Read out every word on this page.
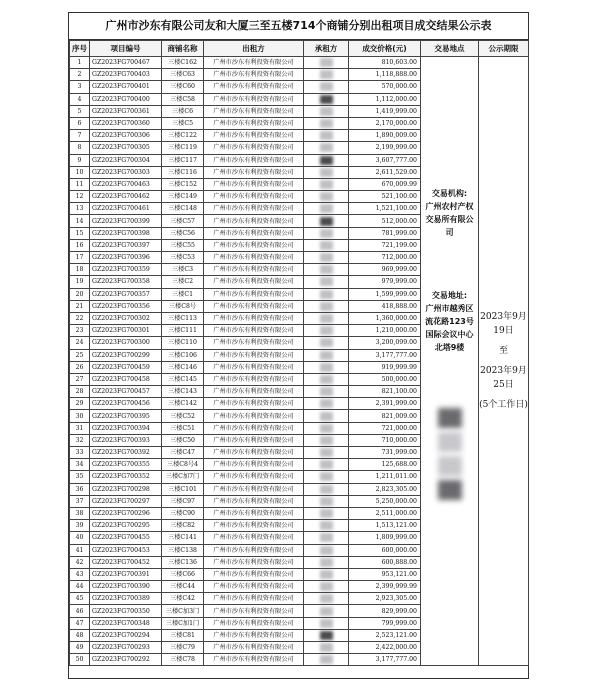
广州市沙东有限公司友和大厦三至五楼714个商铺分别出租项目成交结果公示表
序号	项目编号	商铺名称	出租方	承租方	成交价格(元)	交易地点	公示期限
1	GZ2023FG700467	三楼C162	广州市沙东有利投资有限公司		810,603.00	交易机构:
广州农村产权交易所有限公司
交易地址:
广州市越秀区流花路123号国际会议中心北塔9楼	2023年9月19日
至
2023年9月25日
(5个工作日)

2	GZ2023FG700403	三楼C63	广州市沙东有利投资有限公司		1,118,888.00		
3	GZ2023FG700401	三楼C60	广州市沙东有利投资有限公司		570,000.00		
4	GZ2023FG700400	三楼C58	广州市沙东有利投资有限公司		1,112,000.00		
5	GZ2023FG700361	三楼C6	广州市沙东有利投资有限公司		1,419,999.00		
6	GZ2023FG700360	三楼C5	广州市沙东有利投资有限公司		2,170,000.00		
7	GZ2023FG700306	三楼C122	广州市沙东有利投资有限公司		1,890,009.00		
8	GZ2023FG700305	三楼C119	广州市沙东有利投资有限公司		2,199,999.00		
9	GZ2023FG700304	三楼C117	广州市沙东有利投资有限公司		3,607,777.00		
10	GZ2023FG700303	三楼C116	广州市沙东有利投资有限公司		2,611,529.00		
11	GZ2023FG700463	三楼C152	广州市沙东有利投资有限公司		670,009.99		
12	GZ2023FG700462	三楼C149	广州市沙东有利投资有限公司		521,100.00		
13	GZ2023FG700461	三楼C148	广州市沙东有利投资有限公司		1,521,100.00		
14	GZ2023FG700399	三楼C57	广州市沙东有利投资有限公司		512,000.00		
15	GZ2023FG700398	三楼C56	广州市沙东有利投资有限公司		781,999.00		
16	GZ2023FG700397	三楼C55	广州市沙东有利投资有限公司		721,199.00		
17	GZ2023FG700396	三楼C53	广州市沙东有利投资有限公司		712,000.00		
18	GZ2023FG700359	三楼C3	广州市沙东有利投资有限公司		969,999.00		
19	GZ2023FG700358	三楼C2	广州市沙东有利投资有限公司		979,999.00		
20	GZ2023FG700357	三楼C1	广州市沙东有利投资有限公司		1,599,999.00		
21	GZ2023FG700356	三楼C8号	广州市沙东有利投资有限公司		418,888.00		
22	GZ2023FG700302	三楼C113	广州市沙东有利投资有限公司		1,360,000.00		
23	GZ2023FG700301	三楼C111	广州市沙东有利投资有限公司		1,210,000.00		
24	GZ2023FG700300	三楼C110	广州市沙东有利投资有限公司		3,200,099.00		
25	GZ2023FG700299	三楼C106	广州市沙东有利投资有限公司		3,177,777.00		
26	GZ2023FG700459	三楼C146	广州市沙东有利投资有限公司		919,999.99		
27	GZ2023FG700458	三楼C145	广州市沙东有利投资有限公司		500,000.00		
28	GZ2023FG700457	三楼C143	广州市沙东有利投资有限公司		821,100.00		
29	GZ2023FG700456	三楼C142	广州市沙东有利投资有限公司		2,391,999.00		
30	GZ2023FG700395	三楼C52	广州市沙东有利投资有限公司		821,009.00		
31	GZ2023FG700394	三楼C51	广州市沙东有利投资有限公司		721,000.00		
32	GZ2023FG700393	三楼C50	广州市沙东有利投资有限公司		710,000.00		
33	GZ2023FG700392	三楼C47	广州市沙东有利投资有限公司		731,999.00		
34	GZ2023FG700355	三楼C8号4	广州市沙东有利投资有限公司		125,688.00		
35	GZ2023FG700352	三楼C加7门	广州市沙东有利投资有限公司		1,211,011.00		
36	GZ2023FG700298	三楼C101	广州市沙东有利投资有限公司		2,823,305.00		
37	GZ2023FG700297	三楼C97	广州市沙东有利投资有限公司		5,250,000.00		
38	GZ2023FG700296	三楼C90	广州市沙东有利投资有限公司		2,511,000.00		
39	GZ2023FG700295	三楼C82	广州市沙东有利投资有限公司		1,513,121.00		
40	GZ2023FG700455	三楼C141	广州市沙东有利投资有限公司		1,809,999.00		
41	GZ2023FG700453	三楼C138	广州市沙东有利投资有限公司		600,000.00		
42	GZ2023FG700452	三楼C136	广州市沙东有利投资有限公司		600,888.00		
43	GZ2023FG700391	三楼C66	广州市沙东有利投资有限公司		953,121.00		
44	GZ2023FG700390	三楼C44	广州市沙东有利投资有限公司		2,399,999.99		
45	GZ2023FG700389	三楼C42	广州市沙东有利投资有限公司		2,923,305.00		
46	GZ2023FG700350	三楼C加3门	广州市沙东有利投资有限公司		829,999.00		
47	GZ2023FG700348	三楼C加1门	广州市沙东有利投资有限公司		799,999.00		
48	GZ2023FG700294	三楼C81	广州市沙东有利投资有限公司		2,523,121.00		
49	GZ2023FG700293	三楼C79	广州市沙东有利投资有限公司		2,422,000.00		
50	GZ2023FG700292	三楼C78	广州市沙东有利投资有限公司		3,177,777.00		
